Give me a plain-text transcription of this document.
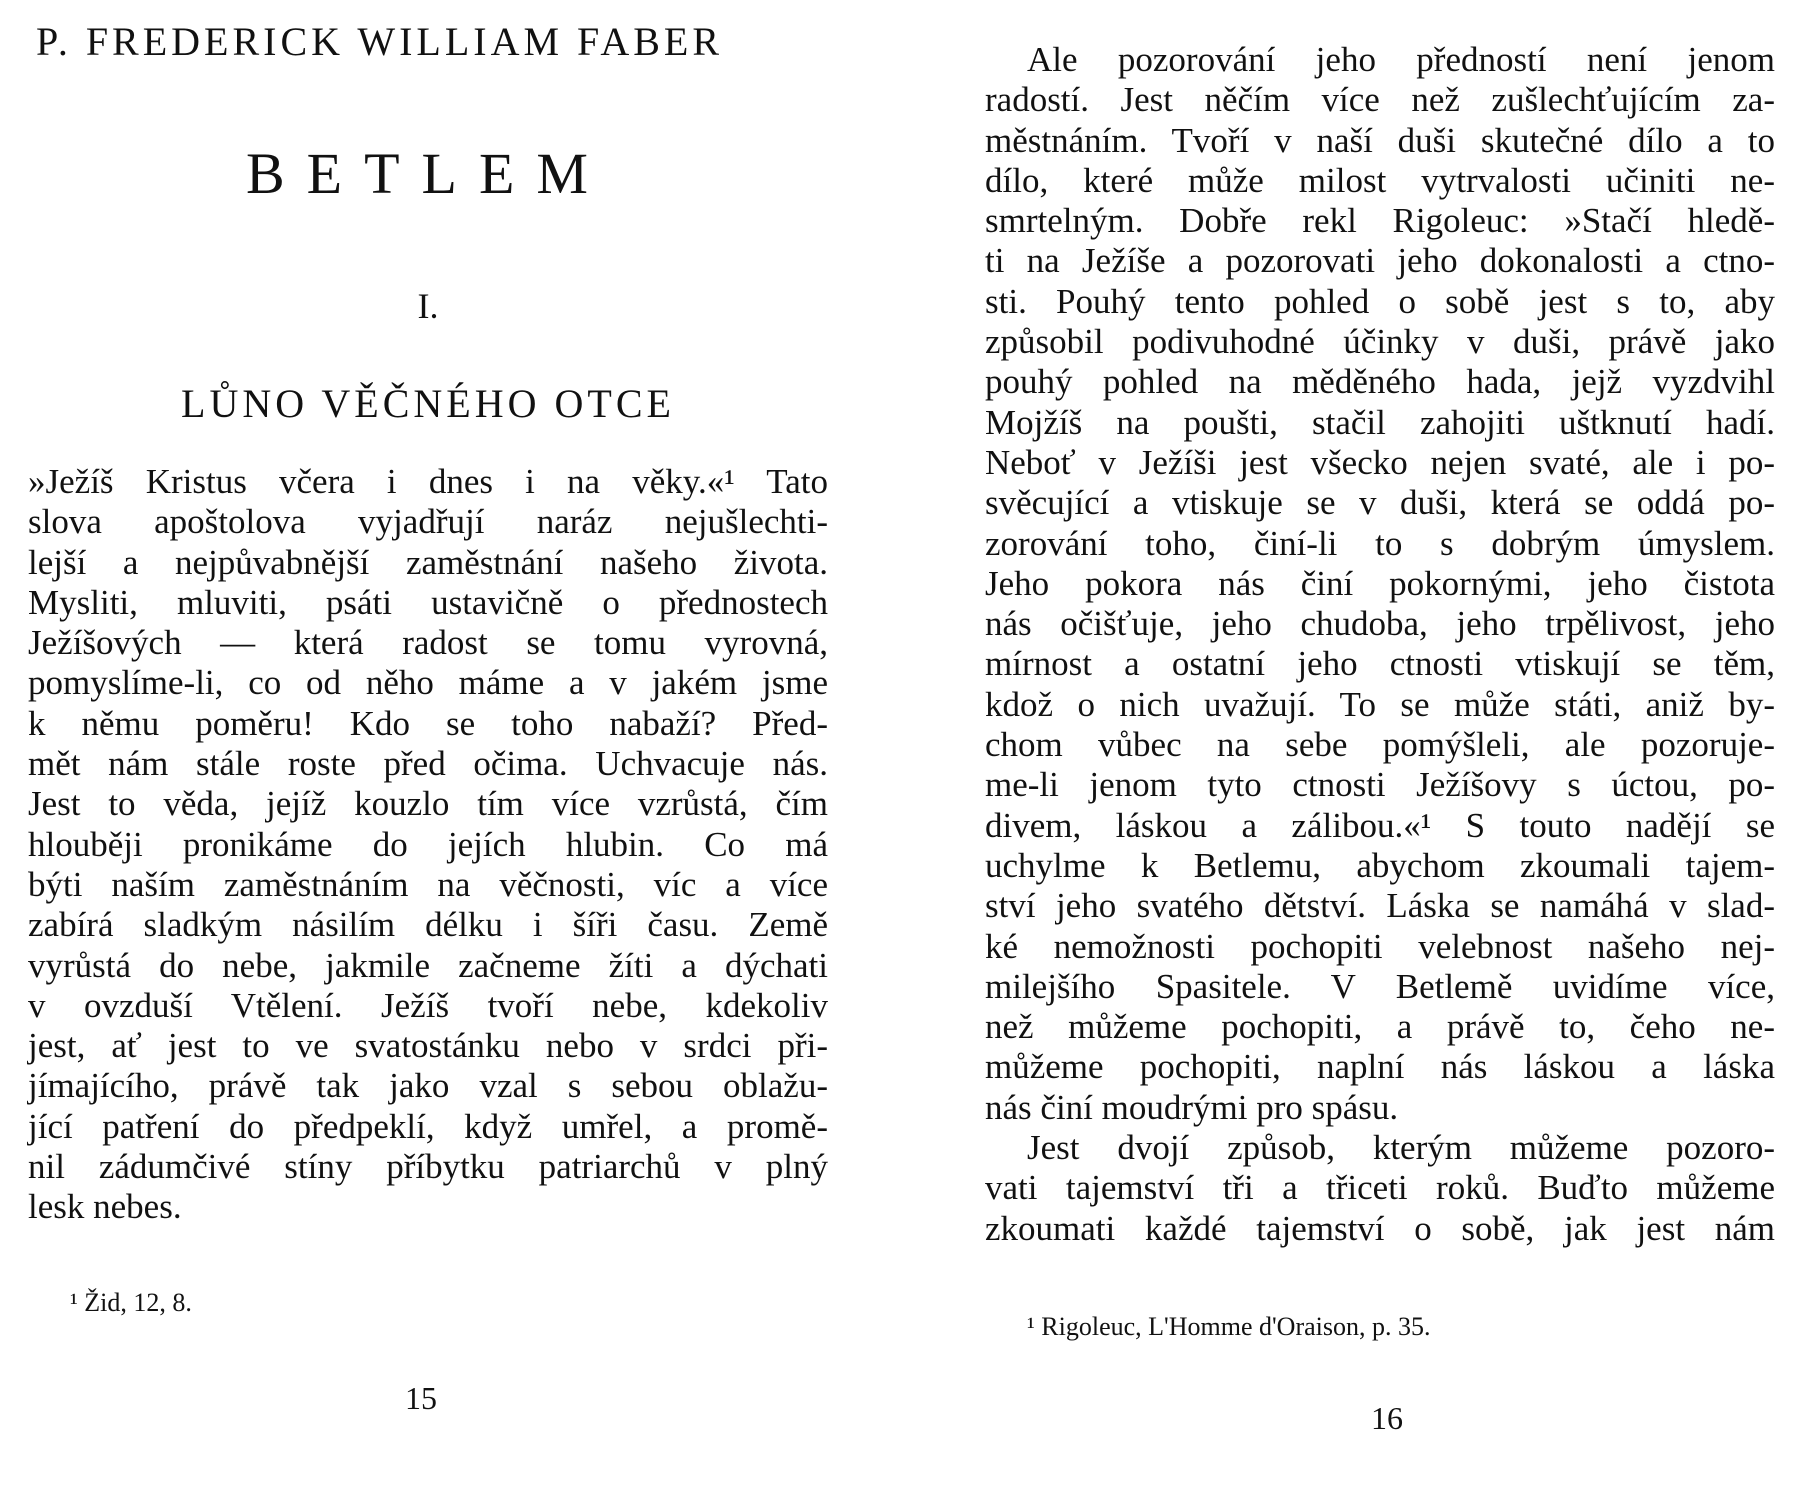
P. FREDERICK WILLIAM FABER
BETLEM
I.
LŮNO VĚČNÉHO OTCE
»Ježíš Kristus včera i dnes i na věky.«¹ Tato
slova apoštolova vyjadřují naráz nejušlechti-
lejší a nejpůvabnější zaměstnání našeho života.
Mysliti, mluviti, psáti ustavičně o přednostech
Ježíšových — která radost se tomu vyrovná,
pomyslíme-li, co od něho máme a v jakém jsme
k němu poměru! Kdo se toho nabaží? Před-
mět nám stále roste před očima. Uchvacuje nás.
Jest to věda, jejíž kouzlo tím více vzrůstá, čím
hlouběji pronikáme do jejích hlubin. Co má
býti naším zaměstnáním na věčnosti, víc a více
zabírá sladkým násilím délku i šíři času. Země
vyrůstá do nebe, jakmile začneme žíti a dýchati
v ovzduší Vtělení. Ježíš tvoří nebe, kdekoliv
jest, ať jest to ve svatostánku nebo v srdci při-
jímajícího, právě tak jako vzal s sebou oblažu-
jící patření do předpeklí, když umřel, a promě-
nil zádumčivé stíny příbytku patriarchů v plný
lesk nebes.
¹ Žid, 12, 8.
15
Ale pozorování jeho předností není jenom
radostí. Jest něčím více než zušlechťujícím za-
městnáním. Tvoří v naší duši skutečné dílo a to
dílo, které může milost vytrvalosti učiniti ne-
smrtelným. Dobře rekl Rigoleuc: »Stačí hledě-
ti na Ježíše a pozorovati jeho dokonalosti a ctno-
sti. Pouhý tento pohled o sobě jest s to, aby
způsobil podivuhodné účinky v duši, právě jako
pouhý pohled na měděného hada, jejž vyzdvihl
Mojžíš na poušti, stačil zahojiti uštknutí hadí.
Neboť v Ježíši jest všecko nejen svaté, ale i po-
svěcující a vtiskuje se v duši, která se oddá po-
zorování toho, činí-li to s dobrým úmyslem.
Jeho pokora nás činí pokornými, jeho čistota
nás očišťuje, jeho chudoba, jeho trpělivost, jeho
mírnost a ostatní jeho ctnosti vtiskují se těm,
kdož o nich uvažují. To se může státi, aniž by-
chom vůbec na sebe pomýšleli, ale pozoruje-
me-li jenom tyto ctnosti Ježíšovy s úctou, po-
divem, láskou a zálibou.«¹ S touto nadějí se
uchylme k Betlemu, abychom zkoumali tajem-
ství jeho svatého dětství. Láska se namáhá v slad-
ké nemožnosti pochopiti velebnost našeho nej-
milejšího Spasitele. V Betlemě uvidíme více,
než můžeme pochopiti, a právě to, čeho ne-
můžeme pochopiti, naplní nás láskou a láska
nás činí moudrými pro spásu.
Jest dvojí způsob, kterým můžeme pozoro-
vati tajemství tři a třiceti roků. Buďto můžeme
zkoumati každé tajemství o sobě, jak jest nám
¹ Rigoleuc, L'Homme d'Oraison, p. 35.
16
